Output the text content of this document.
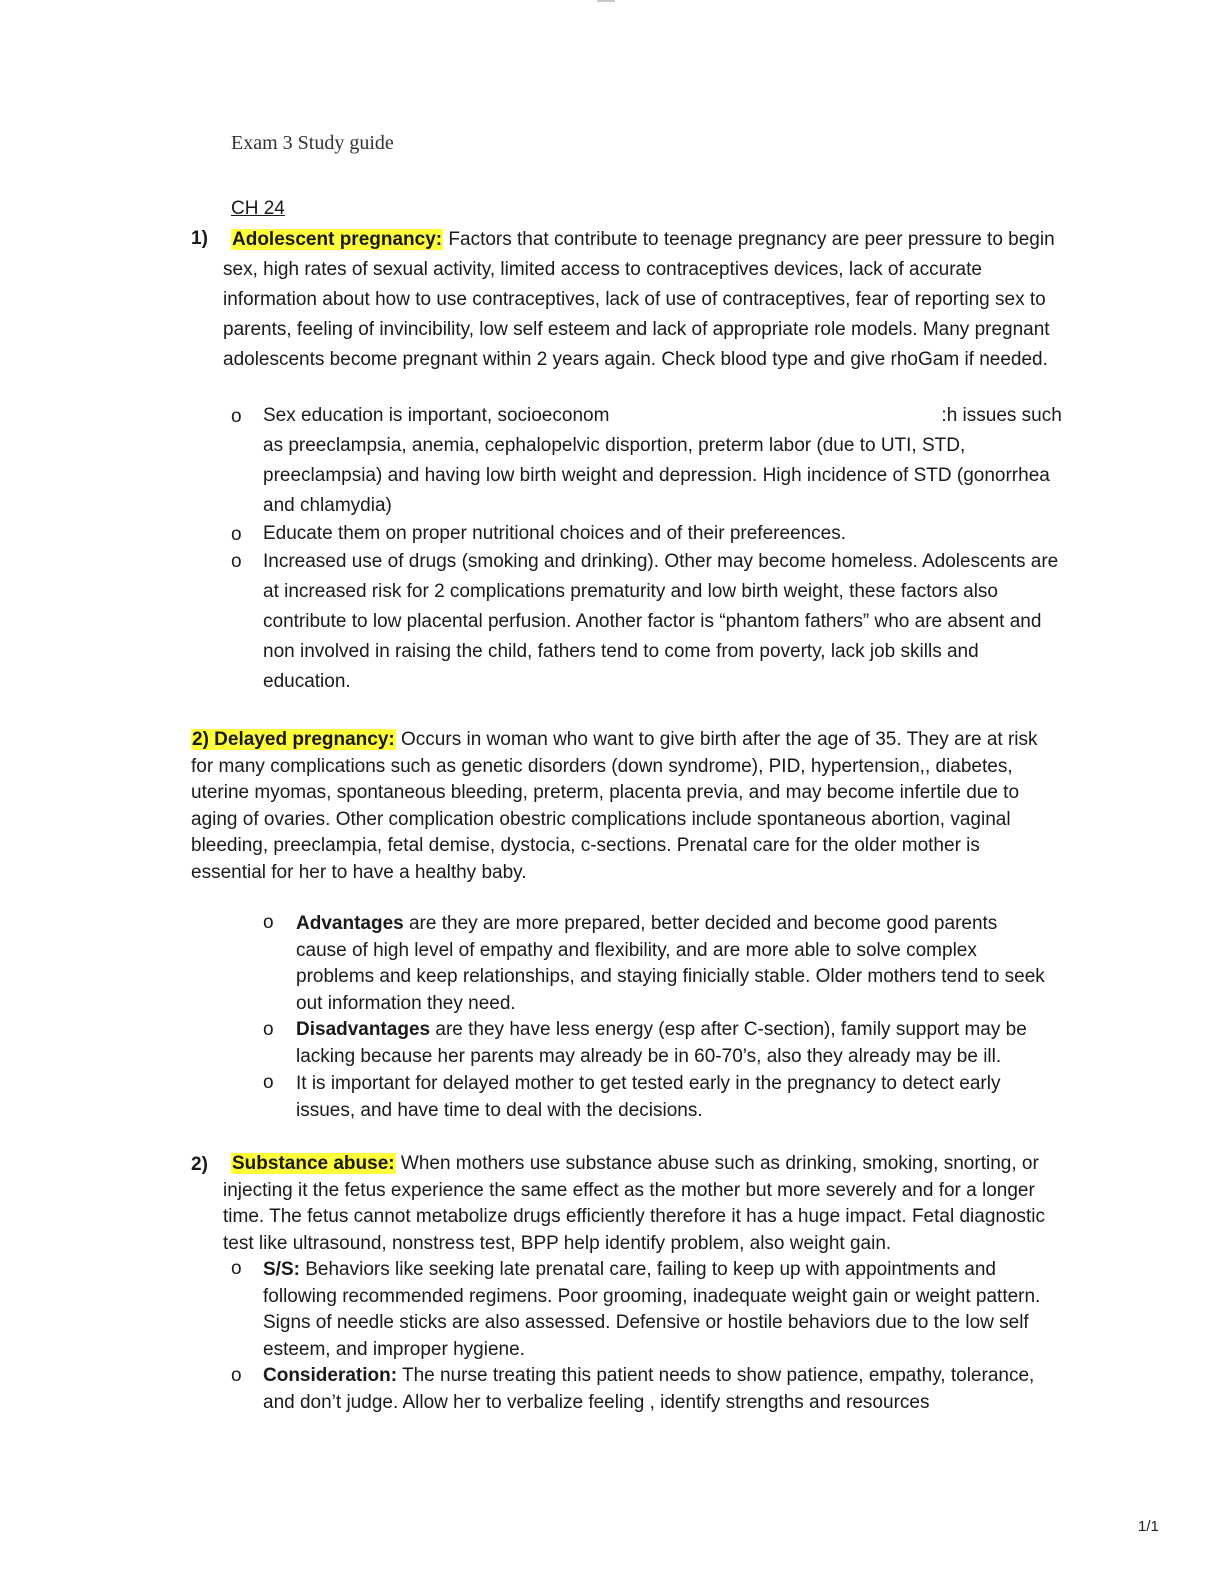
Exam 3 Study guide
CH 24
1)	Adolescent pregnancy: Factors that contribute to teenage pregnancy are peer pressure to begin sex, high rates of sexual activity, limited access to contraceptives devices, lack of accurate information about how to use contraceptives, lack of use of contraceptives, fear of reporting sex to parents, feeling of invincibility, low self esteem and lack of appropriate role models. Many pregnant adolescents become pregnant within 2 years again. Check blood type and give rhoGam if needed.
o Sex education is important, socioeconom	:h issues such as preeclampsia, anemia, cephalopelvic disportion, preterm labor (due to UTI, STD, preeclampsia) and having low birth weight and depression. High incidence of STD (gonorrhea and chlamydia)
o Educate them on proper nutritional choices and of their prefereences.
o Increased use of drugs (smoking and drinking). Other may become homeless. Adolescents are at increased risk for 2 complications prematurity and low birth weight, these factors also contribute to low placental perfusion. Another factor is “phantom fathers” who are absent and non involved in raising the child, fathers tend to come from poverty, lack job skills and education.
2) Delayed pregnancy: Occurs in woman who want to give birth after the age of 35. They are at risk for many complications such as genetic disorders (down syndrome), PID, hypertension,, diabetes, uterine myomas, spontaneous bleeding, preterm, placenta previa, and may become infertile due to aging of ovaries. Other complication obestric complications include spontaneous abortion, vaginal bleeding, preeclampia, fetal demise, dystocia, c-sections. Prenatal care for the older mother is essential for her to have a healthy baby.
o Advantages are they are more prepared, better decided and become good parents cause of high level of empathy and flexibility, and are more able to solve complex problems and keep relationships, and staying finicially stable. Older mothers tend to seek out information they need.
o Disadvantages are they have less energy (esp after C-section), family support may be lacking because her parents may already be in 60-70’s, also they already may be ill.
o It is important for delayed mother to get tested early in the pregnancy to detect early issues, and have time to deal with the decisions.
2)	Substance abuse: When mothers use substance abuse such as drinking, smoking, snorting, or injecting it the fetus experience the same effect as the mother but more severely and for a longer time. The fetus cannot metabolize drugs efficiently therefore it has a huge impact. Fetal diagnostic test like ultrasound, nonstress test, BPP help identify problem, also weight gain.
o S/S: Behaviors like seeking late prenatal care, failing to keep up with appointments and following recommended regimens. Poor grooming, inadequate weight gain or weight pattern. Signs of needle sticks are also assessed. Defensive or hostile behaviors due to the low self esteem, and improper hygiene.
o Consideration: The nurse treating this patient needs to show patience, empathy, tolerance, and don’t judge. Allow her to verbalize feeling , identify strengths and resources
1/1
